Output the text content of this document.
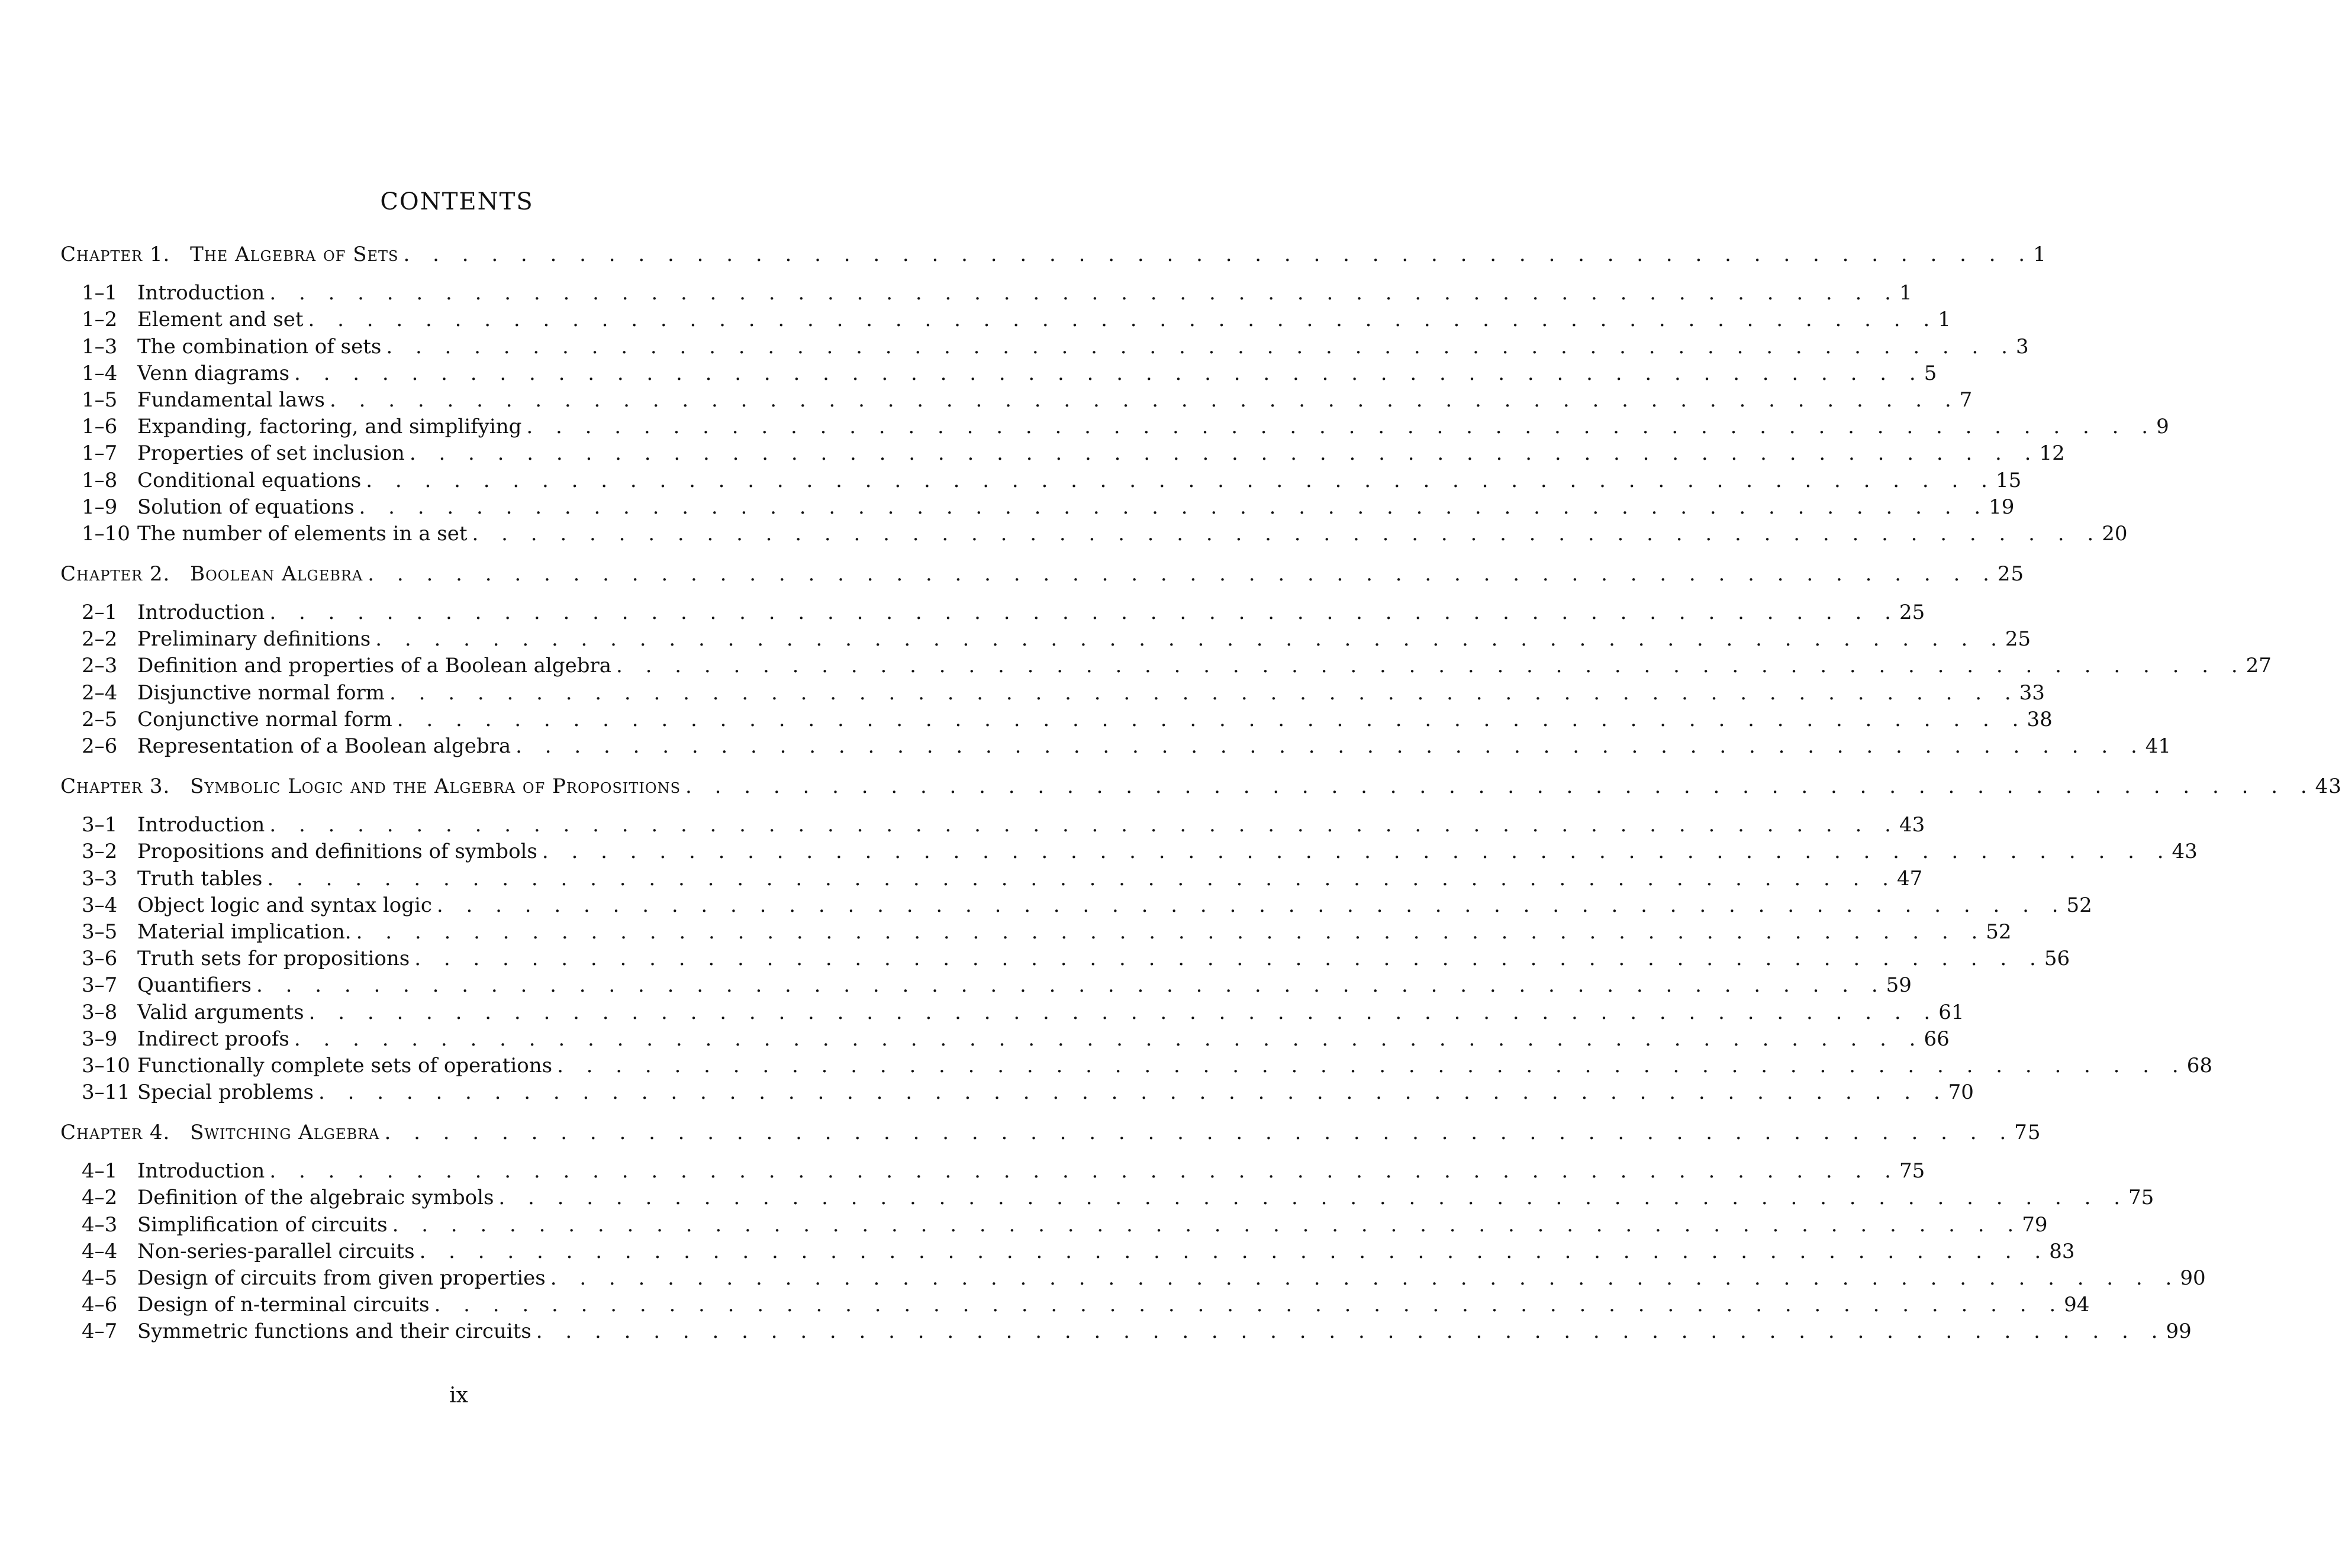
CONTENTS
Chapter 1. The Algebra of Sets . . . . . . . . . . . . . . . . . . . . . . . . . . . . . . . . . . . . . . . . . . . . . . . . . . . . . . . . 1
1–1 Introduction . . . . . . . . . . . . . . . . . . . . . . . . . . . . . . . . . . . . . . . . . . . . . . . . . . . . . . . . 1
1–2 Element and set . . . . . . . . . . . . . . . . . . . . . . . . . . . . . . . . . . . . . . . . . . . . . . . . . . . . . . . . 1
1–3 The combination of sets . . . . . . . . . . . . . . . . . . . . . . . . . . . . . . . . . . . . . . . . . . . . . . . . . . . . . . . . 3
1–4 Venn diagrams . . . . . . . . . . . . . . . . . . . . . . . . . . . . . . . . . . . . . . . . . . . . . . . . . . . . . . . . 5
1–5 Fundamental laws . . . . . . . . . . . . . . . . . . . . . . . . . . . . . . . . . . . . . . . . . . . . . . . . . . . . . . . . 7
1–6 Expanding, factoring, and simplifying . . . . . . . . . . . . . . . . . . . . . . . . . . . . . . . . . . . . . . . . . . . . . . . . . . . . . . . . 9
1–7 Properties of set inclusion . . . . . . . . . . . . . . . . . . . . . . . . . . . . . . . . . . . . . . . . . . . . . . . . . . . . . . . . 12
1–8 Conditional equations . . . . . . . . . . . . . . . . . . . . . . . . . . . . . . . . . . . . . . . . . . . . . . . . . . . . . . . . 15
1–9 Solution of equations . . . . . . . . . . . . . . . . . . . . . . . . . . . . . . . . . . . . . . . . . . . . . . . . . . . . . . . . 19
1–10 The number of elements in a set . . . . . . . . . . . . . . . . . . . . . . . . . . . . . . . . . . . . . . . . . . . . . . . . . . . . . . . . 20
Chapter 2. Boolean Algebra . . . . . . . . . . . . . . . . . . . . . . . . . . . . . . . . . . . . . . . . . . . . . . . . . . . . . . . . 25
2–1 Introduction . . . . . . . . . . . . . . . . . . . . . . . . . . . . . . . . . . . . . . . . . . . . . . . . . . . . . . . . 25
2–2 Preliminary definitions . . . . . . . . . . . . . . . . . . . . . . . . . . . . . . . . . . . . . . . . . . . . . . . . . . . . . . . . 25
2–3 Definition and properties of a Boolean algebra . . . . . . . . . . . . . . . . . . . . . . . . . . . . . . . . . . . . . . . . . . . . . . . . . . . . . . . . 27
2–4 Disjunctive normal form . . . . . . . . . . . . . . . . . . . . . . . . . . . . . . . . . . . . . . . . . . . . . . . . . . . . . . . . 33
2–5 Conjunctive normal form . . . . . . . . . . . . . . . . . . . . . . . . . . . . . . . . . . . . . . . . . . . . . . . . . . . . . . . . 38
2–6 Representation of a Boolean algebra . . . . . . . . . . . . . . . . . . . . . . . . . . . . . . . . . . . . . . . . . . . . . . . . . . . . . . . . 41
Chapter 3. Symbolic Logic and the Algebra of Propositions . . . . . . . . . . . . . . . . . . . . . . . . . . . . . . . . . . . . . . . . . . . . . . . . . . . . . . . . 43
3–1 Introduction . . . . . . . . . . . . . . . . . . . . . . . . . . . . . . . . . . . . . . . . . . . . . . . . . . . . . . . . 43
3–2 Propositions and definitions of symbols . . . . . . . . . . . . . . . . . . . . . . . . . . . . . . . . . . . . . . . . . . . . . . . . . . . . . . . . 43
3–3 Truth tables . . . . . . . . . . . . . . . . . . . . . . . . . . . . . . . . . . . . . . . . . . . . . . . . . . . . . . . . 47
3–4 Object logic and syntax logic . . . . . . . . . . . . . . . . . . . . . . . . . . . . . . . . . . . . . . . . . . . . . . . . . . . . . . . . 52
3–5 Material implication. . . . . . . . . . . . . . . . . . . . . . . . . . . . . . . . . . . . . . . . . . . . . . . . . . . . . . . . . 52
3–6 Truth sets for propositions . . . . . . . . . . . . . . . . . . . . . . . . . . . . . . . . . . . . . . . . . . . . . . . . . . . . . . . . 56
3–7 Quantifiers . . . . . . . . . . . . . . . . . . . . . . . . . . . . . . . . . . . . . . . . . . . . . . . . . . . . . . . . 59
3–8 Valid arguments . . . . . . . . . . . . . . . . . . . . . . . . . . . . . . . . . . . . . . . . . . . . . . . . . . . . . . . . 61
3–9 Indirect proofs . . . . . . . . . . . . . . . . . . . . . . . . . . . . . . . . . . . . . . . . . . . . . . . . . . . . . . . . 66
3–10 Functionally complete sets of operations . . . . . . . . . . . . . . . . . . . . . . . . . . . . . . . . . . . . . . . . . . . . . . . . . . . . . . . . 68
3–11 Special problems . . . . . . . . . . . . . . . . . . . . . . . . . . . . . . . . . . . . . . . . . . . . . . . . . . . . . . . . 70
Chapter 4. Switching Algebra . . . . . . . . . . . . . . . . . . . . . . . . . . . . . . . . . . . . . . . . . . . . . . . . . . . . . . . . 75
4–1 Introduction . . . . . . . . . . . . . . . . . . . . . . . . . . . . . . . . . . . . . . . . . . . . . . . . . . . . . . . . 75
4–2 Definition of the algebraic symbols . . . . . . . . . . . . . . . . . . . . . . . . . . . . . . . . . . . . . . . . . . . . . . . . . . . . . . . . 75
4–3 Simplification of circuits . . . . . . . . . . . . . . . . . . . . . . . . . . . . . . . . . . . . . . . . . . . . . . . . . . . . . . . . 79
4–4 Non-series-parallel circuits . . . . . . . . . . . . . . . . . . . . . . . . . . . . . . . . . . . . . . . . . . . . . . . . . . . . . . . . 83
4–5 Design of circuits from given properties . . . . . . . . . . . . . . . . . . . . . . . . . . . . . . . . . . . . . . . . . . . . . . . . . . . . . . . . 90
4–6 Design of n-terminal circuits . . . . . . . . . . . . . . . . . . . . . . . . . . . . . . . . . . . . . . . . . . . . . . . . . . . . . . . . 94
4–7 Symmetric functions and their circuits . . . . . . . . . . . . . . . . . . . . . . . . . . . . . . . . . . . . . . . . . . . . . . . . . . . . . . . . 99
ix
